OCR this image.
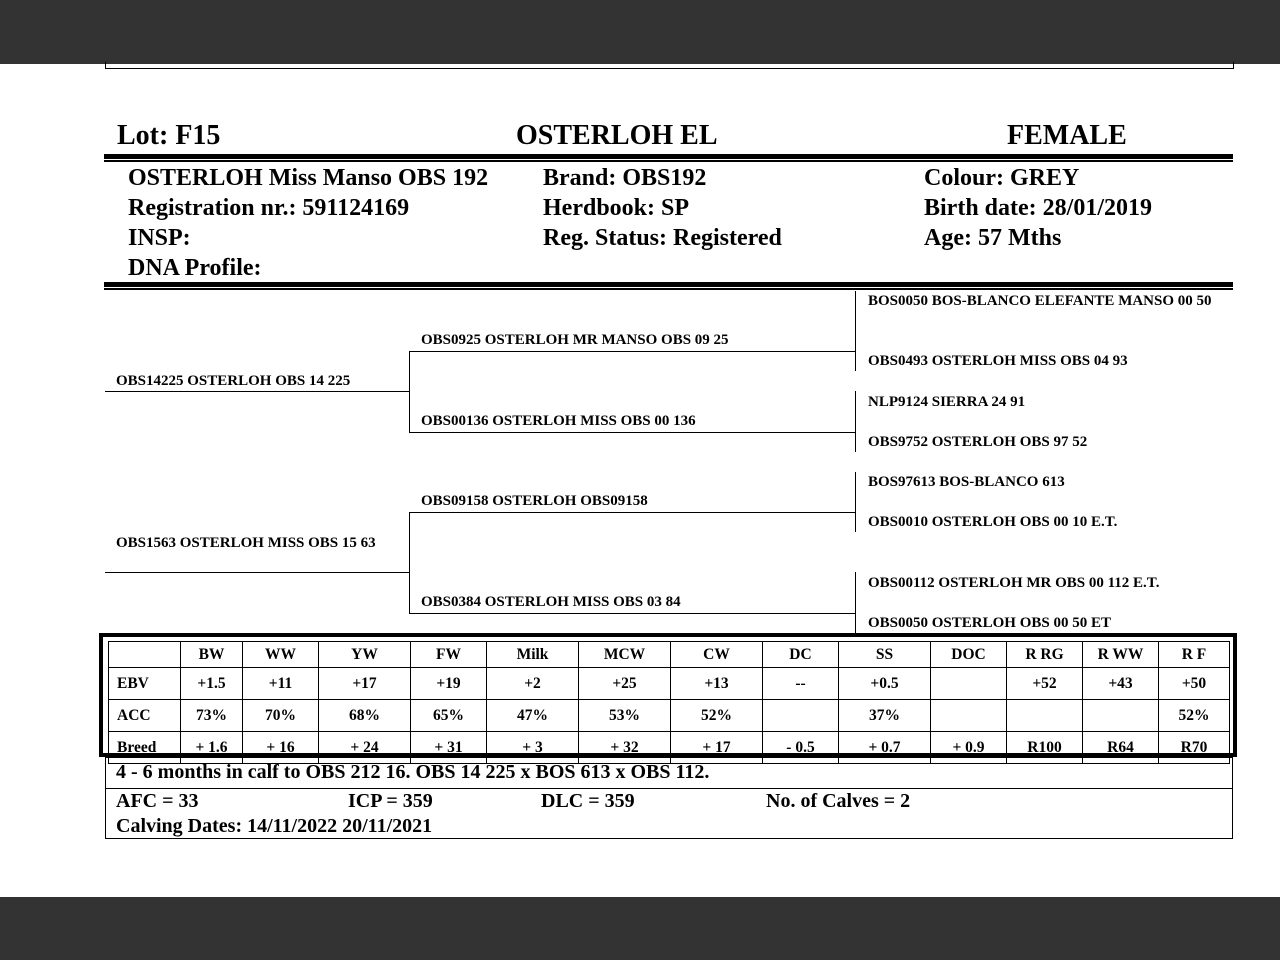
Lot: F15	OSTERLOH EL	FEMALE
OSTERLOH Miss Manso OBS 192
Registration nr.: 591124169
INSP:
DNA Profile:
Brand: OBS192
Herdbook: SP
Reg. Status: Registered
Colour: GREY
Birth date: 28/01/2019
Age: 57 Mths
OBS14225 OSTERLOH OBS 14 225
OBS1563 OSTERLOH MISS OBS 15 63
OBS0925 OSTERLOH MR MANSO OBS 09 25
OBS00136 OSTERLOH MISS OBS 00 136
OBS09158 OSTERLOH OBS09158
OBS0384 OSTERLOH MISS OBS 03 84
BOS0050 BOS-BLANCO ELEFANTE MANSO 00 50
OBS0493 OSTERLOH MISS OBS 04 93
NLP9124 SIERRA 24 91
OBS9752 OSTERLOH OBS 97 52
BOS97613 BOS-BLANCO 613
OBS0010 OSTERLOH OBS 00 10 E.T.
OBS00112 OSTERLOH MR OBS 00 112 E.T.
OBS0050 OSTERLOH OBS 00 50 ET
	BW	WW	YW	FW	Milk	MCW	CW	DC	SS	DOC	R RG	R WW	R F
EBV	+1.5	+11	+17	+19	+2	+25	+13	--	+0.5		+52	+43	+50
ACC	73%	70%	68%	65%	47%	53%	52%		37%				52%
Breed	+ 1.6	+ 16	+ 24	+ 31	+ 3	+ 32	+ 17	- 0.5	+ 0.7	+ 0.9	R100	R64	R70
4 - 6 months in calf to OBS 212 16. OBS 14 225 x BOS 613 x OBS 112.
AFC = 33	ICP = 359	DLC = 359	No. of Calves = 2
Calving Dates: 14/11/2022 20/11/2021
